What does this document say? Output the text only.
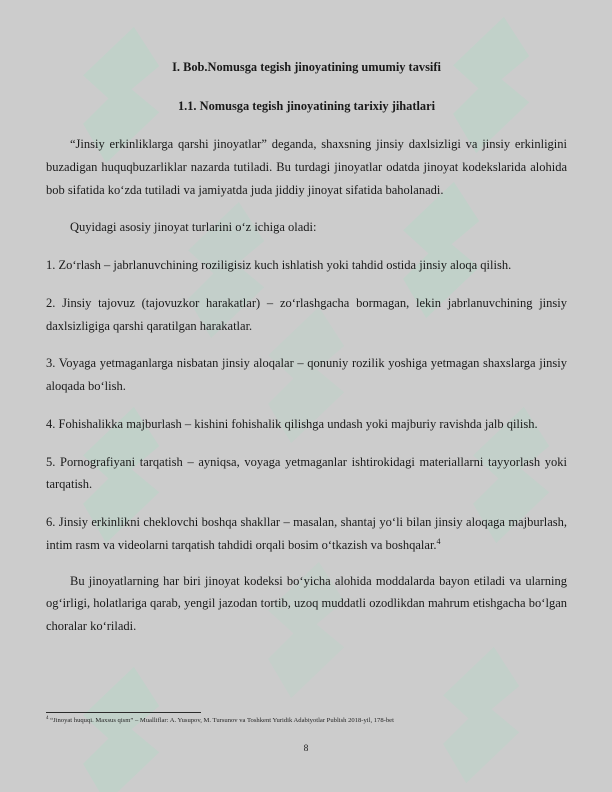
I. Bob.Nomusga tegish jinoyatining umumiy tavsifi
1.1. Nomusga tegish jinoyatining tarixiy jihatlari

“Jinsiy erkinliklarga qarshi jinoyatlar” deganda, shaxsning jinsiy daxlsizligi va jinsiy erkinligini buzadigan huquqbuzarliklar nazarda tutiladi. Bu turdagi jinoyatlar odatda jinoyat kodekslarida alohida bob sifatida ko‘zda tutiladi va jamiyatda juda jiddiy jinoyat sifatida baholanadi.

Quyidagi asosiy jinoyat turlarini o‘z ichiga oladi:

1. Zo‘rlash – jabrlanuvchining roziligisiz kuch ishlatish yoki tahdid ostida jinsiy aloqa qilish.

2. Jinsiy tajovuz (tajovuzkor harakatlar) – zo‘rlashgacha bormagan, lekin jabrlanuvchining jinsiy daxlsizligiga qarshi qaratilgan harakatlar.

3. Voyaga yetmaganlarga nisbatan jinsiy aloqalar – qonuniy rozilik yoshiga yetmagan shaxslarga jinsiy aloqada bo‘lish.

4. Fohishalikka majburlash – kishini fohishalik qilishga undash yoki majburiy ravishda jalb qilish.

5. Pornografiyani tarqatish – ayniqsa, voyaga yetmaganlar ishtirokidagi materiallarni tayyorlash yoki tarqatish.

6. Jinsiy erkinlikni cheklovchi boshqa shakllar – masalan, shantaj yo‘li bilan jinsiy aloqaga majburlash, intim rasm va videolarni tarqatish tahdidi orqali bosim o‘tkazish va boshqalar.$^4$

Bu jinoyatlarning har biri jinoyat kodeksi bo‘yicha alohida moddalarda bayon etiladi va ularning og‘irligi, holatlariga qarab, yengil jazodan tortib, uzoq muddatli ozodlikdan mahrum etishgacha bo‘lgan choralar ko‘riladi.

$^4$ “Jinoyat huquqi. Maxsus qism” – Mualliflar: A. Yusupov, M. Tursunov va Toshkent Yuridik Adabiyotlar Publish 2018-yil, 178-bet

8
